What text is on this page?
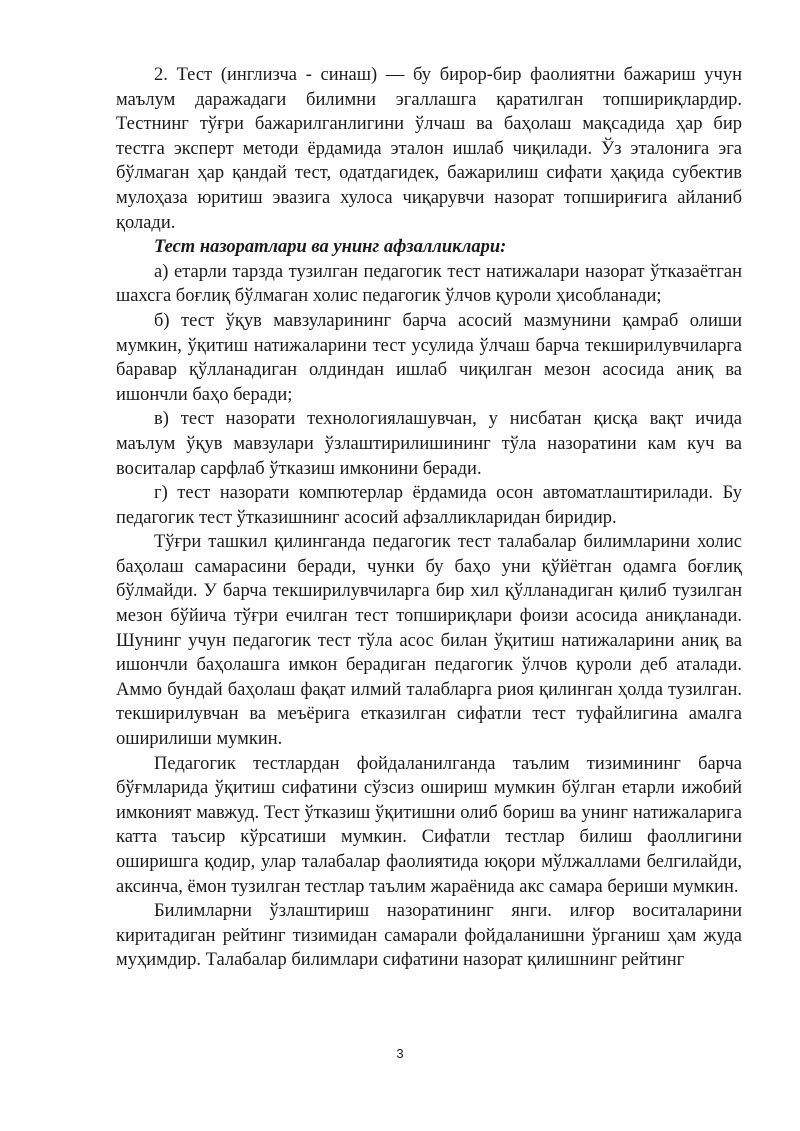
2. Тест (инглизча - синаш) — бу бирор-бир фаолиятни бажариш учун маълум даражадаги билимни эгаллашга қаратилган топшириқлардир. Тестнинг тўғри бажарилганлигини ўлчаш ва баҳолаш мақсадида ҳар бир тестга эксперт методи ёрдамида эталон ишлаб чиқилади. Ўз эталонига эга бўлмаган ҳар қандай тест, одатдагидек, бажарилиш сифати ҳақида субектив мулоҳаза юритиш эвазига хулоса чиқарувчи назорат топшириғига айланиб қолади.

Тест назоратлари ва унинг афзалликлари:

а) етарли тарзда тузилган педагогик тест натижалари назорат ўтказаётган шахсга боғлиқ бўлмаган холис педагогик ўлчов қуроли ҳисобланади;

б) тест ўқув мавзуларининг барча асосий мазмунини қамраб олиши мумкин, ўқитиш натижаларини тест усулида ўлчаш барча текширилувчиларга баравар қўлланадиган олдиндан ишлаб чиқилган мезон асосида аниқ ва ишончли баҳо беради;

в) тест назорати технологиялашувчан, у нисбатан қисқа вақт ичида маълум ўқув мавзулари ўзлаштирилишининг тўла назоратини кам куч ва воситалар сарфлаб ўтказиш имконини беради.

г) тест назорати компютерлар ёрдамида осон автоматлаштирилади. Бу педагогик тест ўтказишнинг асосий афзалликларидан биридир.

Тўғри ташкил қилинганда педагогик тест талабалар билимларини холис баҳолаш самарасини беради, чунки бу баҳо уни қўйётган одамга боғлиқ бўлмайди. У барча текширилувчиларга бир хил қўлланадиган қилиб тузилган мезон бўйича тўғри ечилган тест топшириқлари фоизи асосида аниқланади. Шунинг учун педагогик тест тўла асос билан ўқитиш натижаларини аниқ ва ишончли баҳолашга имкон берадиган педагогик ўлчов қуроли деб аталади. Аммо бундай баҳолаш фақат илмий талабларга риоя қилинган ҳолда тузилган. текширилувчан ва меъёрига етказилган сифатли тест туфайлигина амалга оширилиши мумкин.

Педагогик тестлардан фойдаланилганда таълим тизимининг барча бўғмларида ўқитиш сифатини сўзсиз ошириш мумкин бўлган етарли ижобий имконият мавжуд. Тест ўтказиш ўқитишни олиб бориш ва унинг натижаларига катта таъсир кўрсатиши мумкин. Сифатли тестлар билиш фаоллигини оширишга қодир, улар талабалар фаолиятида юқори мўлжаллами белгилайди, аксинча, ёмон тузилган тестлар таълим жараёнида акс самара бериши мумкин.

Билимларни ўзлаштириш назоратининг янги. илғор воситаларини киритадиган рейтинг тизимидан самарали фойдаланишни ўрганиш ҳам жуда муҳимдир. Талабалар билимлари сифатини назорат қилишнинг рейтинг

3
